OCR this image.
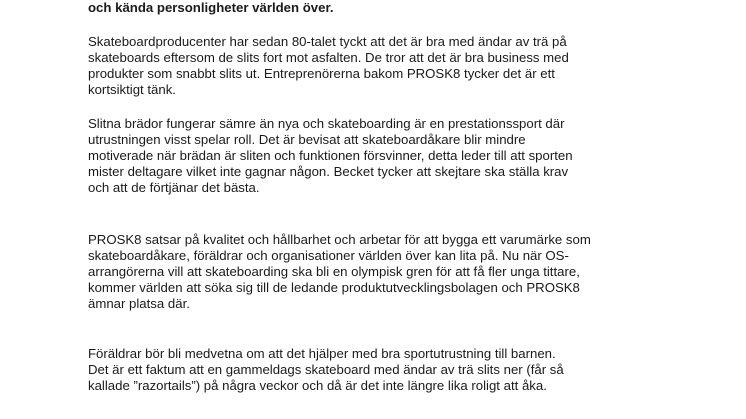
och kända personligheter världen över.

Skateboardproducenter har sedan 80-talet tyckt att det är bra med ändar av trä på
skateboards eftersom de slits fort mot asfalten. De tror att det är bra business med
produkter som snabbt slits ut. Entreprenörerna bakom PROSK8 tycker det är ett
kortsiktigt tänk.

Slitna brädor fungerar sämre än nya och skateboarding är en prestationssport där
utrustningen visst spelar roll. Det är bevisat att skateboardåkare blir mindre
motiverade när brädan är sliten och funktionen försvinner, detta leder till att sporten
mister deltagare vilket inte gagnar någon. Becket tycker att skejtare ska ställa krav
och att de förtjänar det bästa.

PROSK8 satsar på kvalitet och hållbarhet och arbetar för att bygga ett varumärke som
skateboardåkare, föräldrar och organisationer världen över kan lita på. Nu när OS-
arrangörerna vill att skateboarding ska bli en olympisk gren för att få fler unga tittare,
kommer världen att söka sig till de ledande produktutvecklingsbolagen och PROSK8
ämnar platsa där.

Föräldrar bör bli medvetna om att det hjälper med bra sportutrustning till barnen.
Det är ett faktum att en gammeldags skateboard med ändar av trä slits ner (får så
kallade ”razortails”) på några veckor och då är det inte längre lika roligt att åka.
